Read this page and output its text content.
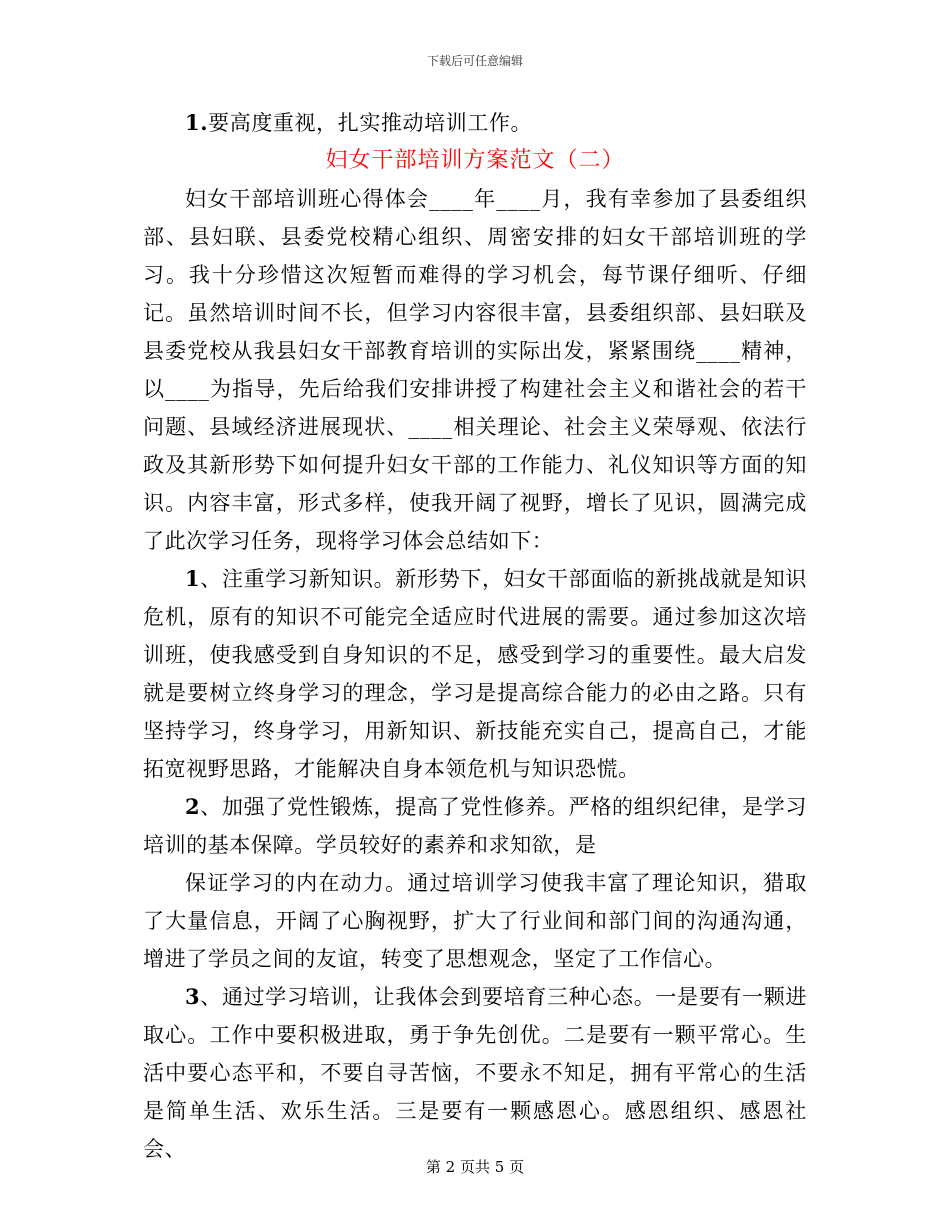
下载后可任意编辑

1.要高度重视，扎实推动培训工作。

妇女干部培训方案范文（二）

妇女干部培训班心得体会____年____月，我有幸参加了县委组织部、县妇联、县委党校精心组织、周密安排的妇女干部培训班的学习。我十分珍惜这次短暂而难得的学习机会，每节课仔细听、仔细记。虽然培训时间不长，但学习内容很丰富，县委组织部、县妇联及县委党校从我县妇女干部教育培训的实际出发，紧紧围绕____精神，以____为指导，先后给我们安排讲授了构建社会主义和谐社会的若干问题、县域经济进展现状、____相关理论、社会主义荣辱观、依法行政及其新形势下如何提升妇女干部的工作能力、礼仪知识等方面的知识。内容丰富，形式多样，使我开阔了视野，增长了见识，圆满完成了此次学习任务，现将学习体会总结如下：

1、注重学习新知识。新形势下，妇女干部面临的新挑战就是知识危机，原有的知识不可能完全适应时代进展的需要。通过参加这次培训班，使我感受到自身知识的不足，感受到学习的重要性。最大启发就是要树立终身学习的理念，学习是提高综合能力的必由之路。只有坚持学习，终身学习，用新知识、新技能充实自己，提高自己，才能拓宽视野思路，才能解决自身本领危机与知识恐慌。

2、加强了党性锻炼，提高了党性修养。严格的组织纪律，是学习培训的基本保障。学员较好的素养和求知欲，是

保证学习的内在动力。通过培训学习使我丰富了理论知识，猎取了大量信息，开阔了心胸视野，扩大了行业间和部门间的沟通沟通，增进了学员之间的友谊，转变了思想观念，坚定了工作信心。

3、通过学习培训，让我体会到要培育三种心态。一是要有一颗进取心。工作中要积极进取，勇于争先创优。二是要有一颗平常心。生活中要心态平和，不要自寻苦恼，不要永不知足，拥有平常心的生活是简单生活、欢乐生活。三是要有一颗感恩心。感恩组织、感恩社会、

第 2 页共 5 页
